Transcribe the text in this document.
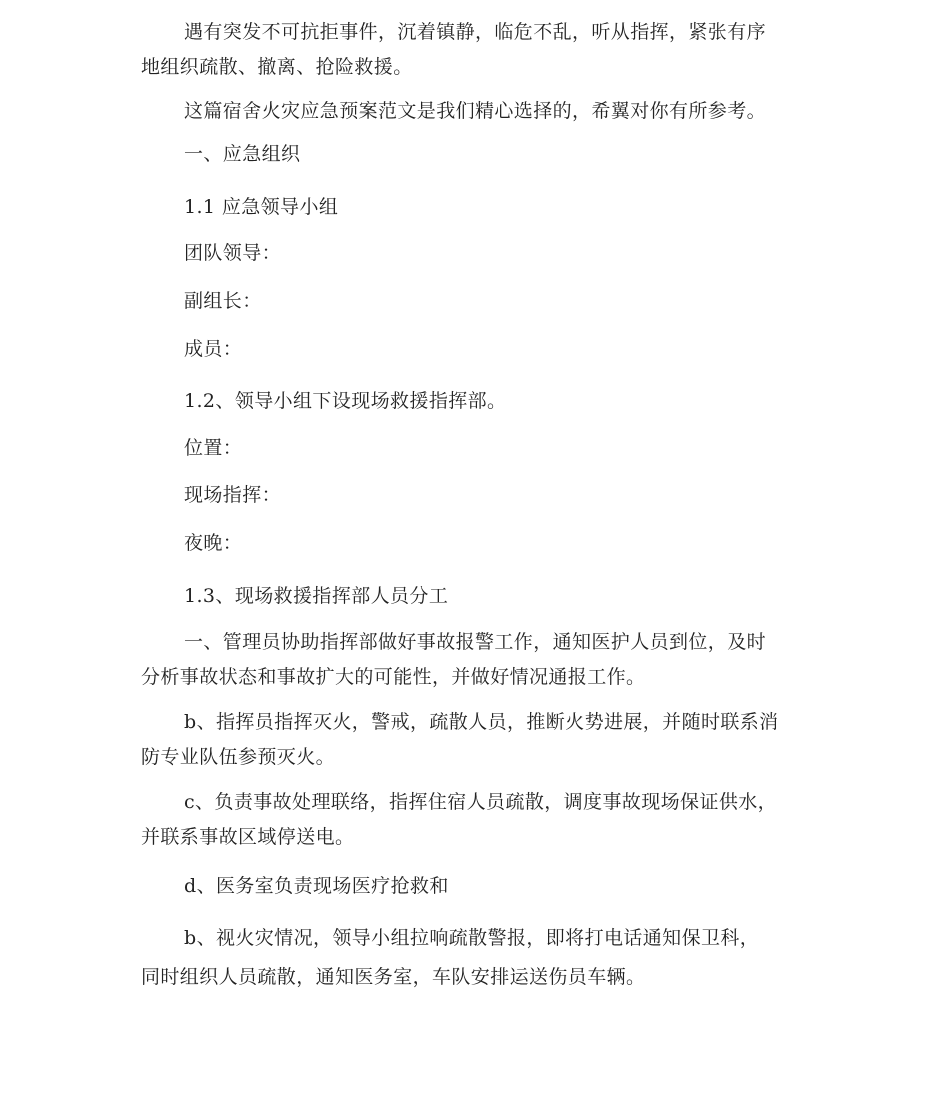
遇有突发不可抗拒事件，沉着镇静，临危不乱，听从指挥，紧张有序

地组织疏散、撤离、抢险救援。

这篇宿舍火灾应急预案范文是我们精心选择的，希翼对你有所参考。

一、应急组织

1.1 应急领导小组

团队领导：

副组长：

成员：

1.2、领导小组下设现场救援指挥部。

位置：

现场指挥：

夜晚：

1.3、现场救援指挥部人员分工

一、管理员协助指挥部做好事故报警工作，通知医护人员到位，及时

分析事故状态和事故扩大的可能性，并做好情况通报工作。

b、指挥员指挥灭火，警戒，疏散人员，推断火势进展，并随时联系消

防专业队伍参预灭火。

c、负责事故处理联络，指挥住宿人员疏散，调度事故现场保证供水，

并联系事故区域停送电。

d、医务室负责现场医疗抢救和

b、视火灾情况，领导小组拉响疏散警报，即将打电话通知保卫科，

同时组织人员疏散，通知医务室，车队安排运送伤员车辆。
